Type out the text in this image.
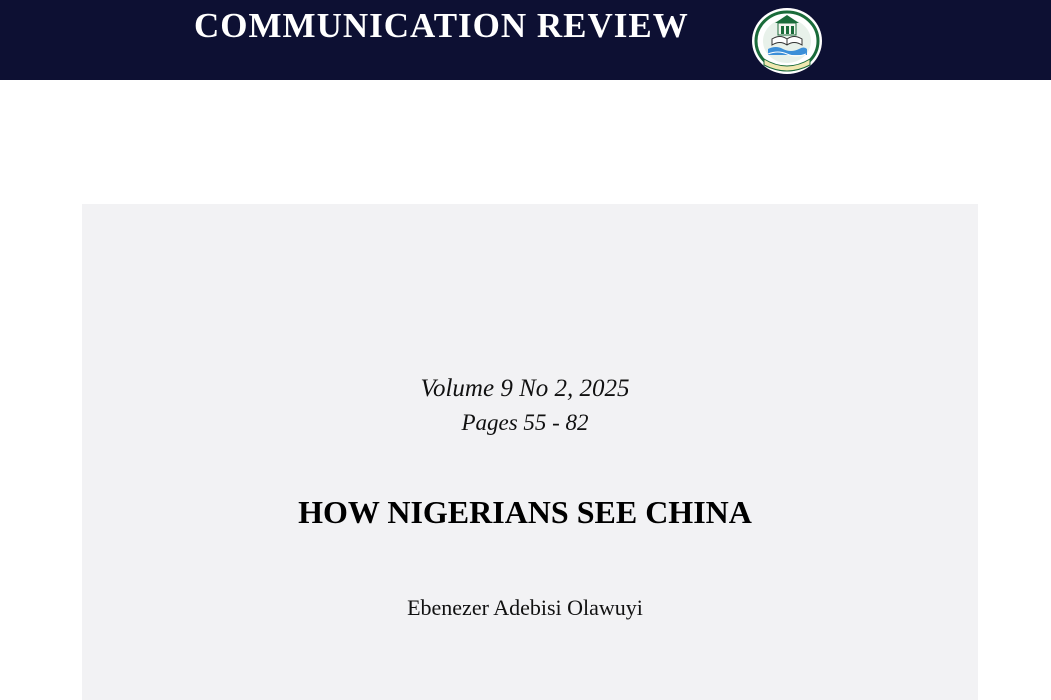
COMMUNICATION REVIEW
Volume 9 No 2, 2025
Pages 55 - 82
HOW NIGERIANS SEE CHINA
Ebenezer Adebisi Olawuyi
